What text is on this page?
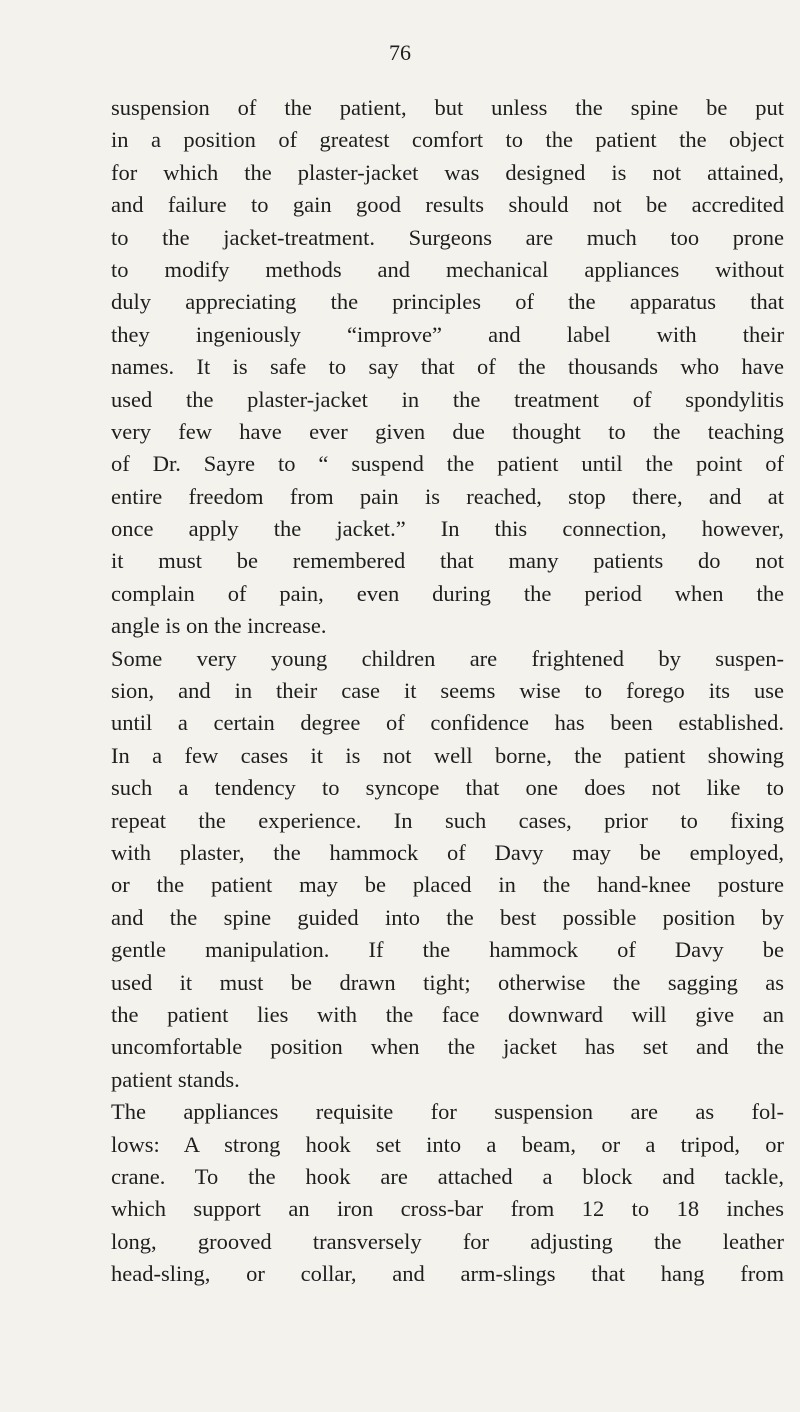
76
suspension of the patient, but unless the spine be put
in a position of greatest comfort to the patient the object
for which the plaster-jacket was designed is not attained,
and failure to gain good results should not be accredited
to the jacket-treatment. Surgeons are much too prone
to modify methods and mechanical appliances without
duly appreciating the principles of the apparatus that
they ingeniously “improve” and label with their
names. It is safe to say that of the thousands who have
used the plaster-jacket in the treatment of spondylitis
very few have ever given due thought to the teaching
of Dr. Sayre to “ suspend the patient until the point of
entire freedom from pain is reached, stop there, and at
once apply the jacket.” In this connection, however,
it must be remembered that many patients do not
complain of pain, even during the period when the
angle is on the increase.
Some very young children are frightened by suspen-
sion, and in their case it seems wise to forego its use
until a certain degree of confidence has been established.
In a few cases it is not well borne, the patient showing
such a tendency to syncope that one does not like to
repeat the experience. In such cases, prior to fixing
with plaster, the hammock of Davy may be employed,
or the patient may be placed in the hand-knee posture
and the spine guided into the best possible position by
gentle manipulation. If the hammock of Davy be
used it must be drawn tight; otherwise the sagging as
the patient lies with the face downward will give an
uncomfortable position when the jacket has set and the
patient stands.
The appliances requisite for suspension are as fol-
lows: A strong hook set into a beam, or a tripod, or
crane. To the hook are attached a block and tackle,
which support an iron cross-bar from 12 to 18 inches
long, grooved transversely for adjusting the leather
head-sling, or collar, and arm-slings that hang from
